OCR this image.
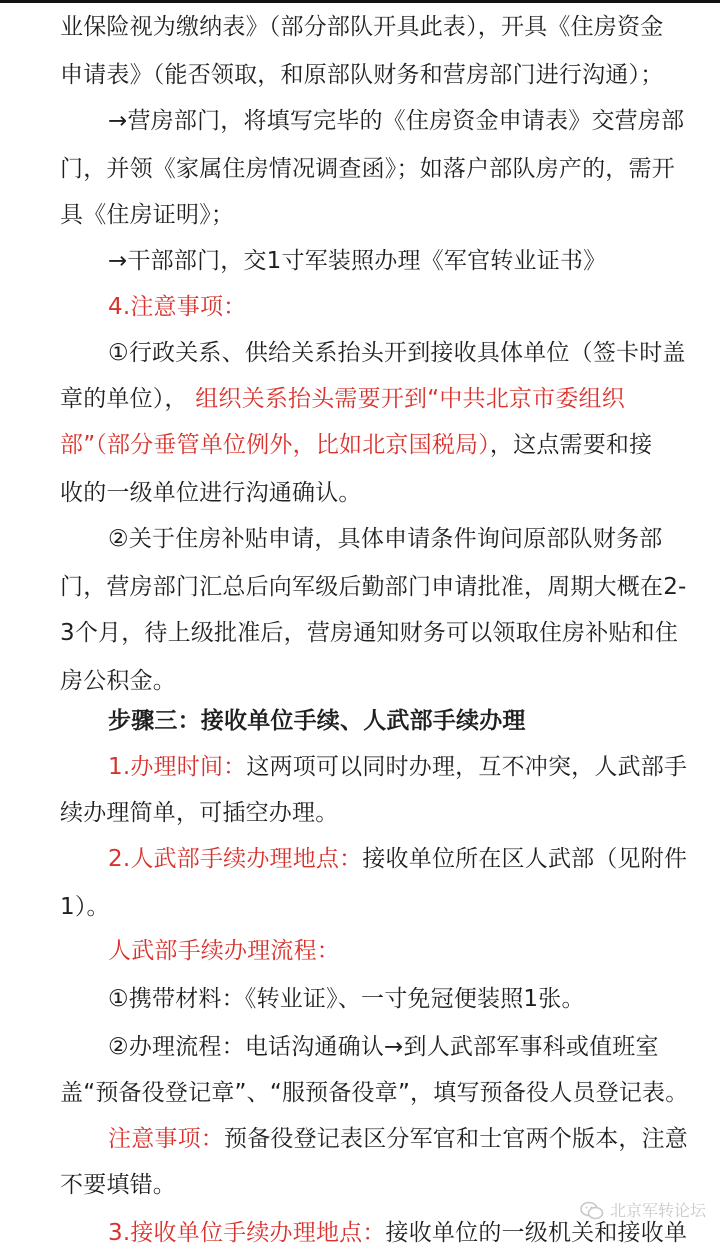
业保险视为缴纳表》（部分部队开具此表），开具《住房资金
申请表》（能否领取，和原部队财务和营房部门进行沟通）；
→营房部门，将填写完毕的《住房资金申请表》交营房部
门，并领《家属住房情况调查函》；如落户部队房产的，需开
具《住房证明》；
→干部部门，交1寸军装照办理《军官转业证书》
4.注意事项：
①行政关系、供给关系抬头开到接收具体单位（签卡时盖
章的单位）， 组织关系抬头需要开到“中共北京市委组织
部”（部分垂管单位例外，比如北京国税局），这点需要和接
收的一级单位进行沟通确认。
②关于住房补贴申请，具体申请条件询问原部队财务部
门，营房部门汇总后向军级后勤部门申请批准，周期大概在2-
3个月，待上级批准后，营房通知财务可以领取住房补贴和住
房公积金。
步骤三：接收单位手续、人武部手续办理
1.办理时间：这两项可以同时办理，互不冲突，人武部手
续办理简单，可插空办理。
2.人武部手续办理地点：接收单位所在区人武部（见附件
1）。
人武部手续办理流程：
①携带材料：《转业证》、一寸免冠便装照1张。
②办理流程：电话沟通确认→到人武部军事科或值班室
盖“预备役登记章”、“服预备役章”，填写预备役人员登记表。
注意事项：预备役登记表区分军官和士官两个版本，注意
不要填错。
3.接收单位手续办理地点：接收单位的一级机关和接收单
北京军转论坛
